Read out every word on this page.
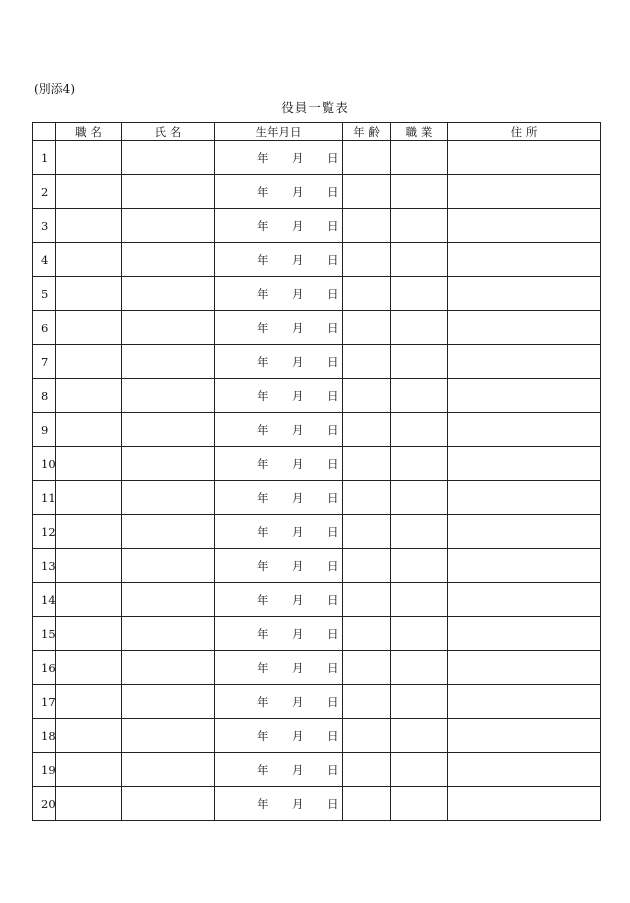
(別添4)
役員一覧表
	職 名	氏 名	生年月日	年 齢	職 業	住 所
1			年 月 日			

2			年 月 日			

3			年 月 日			

4			年 月 日			

5			年 月 日			

6			年 月 日			

7			年 月 日			

8			年 月 日			

9			年 月 日			

10			年 月 日			

11			年 月 日			

12			年 月 日			

13			年 月 日			

14			年 月 日			

15			年 月 日			

16			年 月 日			

17			年 月 日			

18			年 月 日			

19			年 月 日			

20			年 月 日			
